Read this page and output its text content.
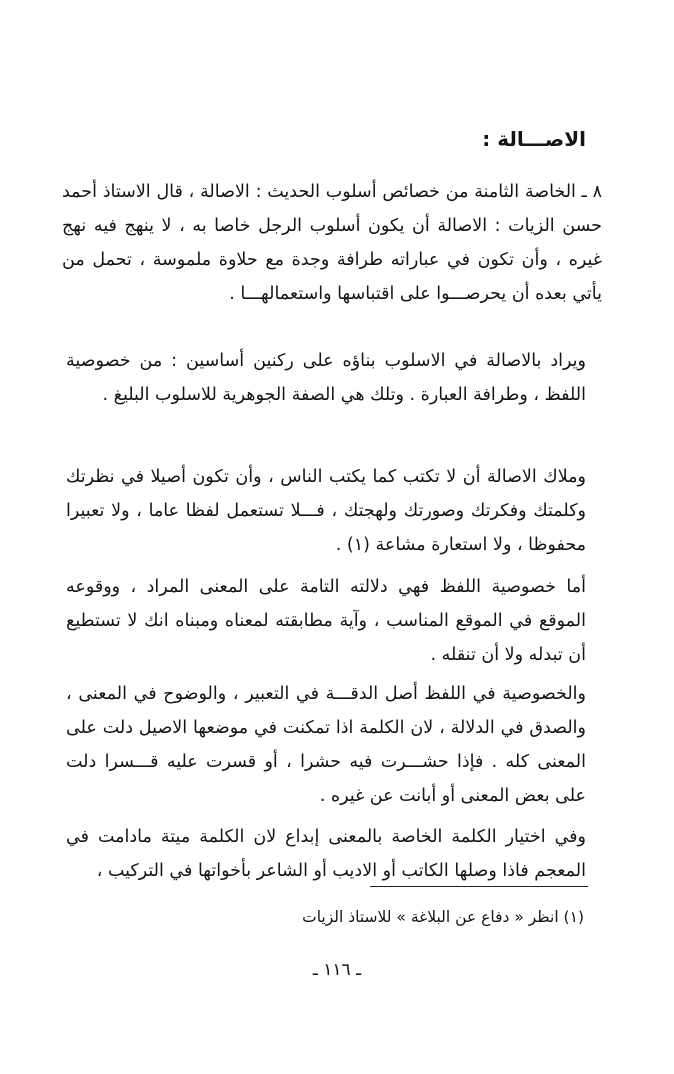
الاصـــالة :

٨ ـ الخاصة الثامنة من خصائص أسلوب الحديث : الاصالة ، قال الاستاذ أحمد حسن الزيات : الاصالة أن يكون أسلوب الرجل خاصا به ، لا ينهج فيه نهج غيره ، وأن تكون في عباراته طرافة وجدة مع حلاوة ملموسة ، تحمل من يأتي بعده أن يحرصـــوا على اقتباسها واستعمالهـــا .

ويراد بالاصالة في الاسلوب بناؤه على ركنين أساسين : من خصوصية اللفظ ، وطرافة العبارة . وتلك هي الصفة الجوهرية للاسلوب البليغ .

وملاك الاصالة أن لا تكتب كما يكتب الناس ، وأن تكون أصيلا في نظرتك وكلمتك وفكرتك وصورتك ولهجتك ، فـــلا تستعمل لفظا عاما ، ولا تعبيرا محفوظا ، ولا استعارة مشاعة (١) .

أما خصوصية اللفظ فهي دلالته التامة على المعنى المراد ، ووقوعه الموقع في الموقع المناسب ، وآية مطابقته لمعناه ومبناه انك لا تستطيع أن تبدله ولا أن تنقله .

والخصوصية في اللفظ أصل الدقـــة في التعبير ، والوضوح في المعنى ، والصدق في الدلالة ، لان الكلمة اذا تمكنت في موضعها الاصيل دلت على المعنى كله . فإذا حشـــرت فيه حشرا ، أو قسرت عليه قـــسرا دلت على بعض المعنى أو أبانت عن غيره .

وفي اختيار الكلمة الخاصة بالمعنى إبداع لان الكلمة ميتة مادامت في المعجم فاذا وصلها الكاتب أو الاديب أو الشاعر بأخواتها في التركيب ،

(١) انظر « دفاع عن البلاغة » للاستاذ الزيات
ـ ١١٦ ـ
